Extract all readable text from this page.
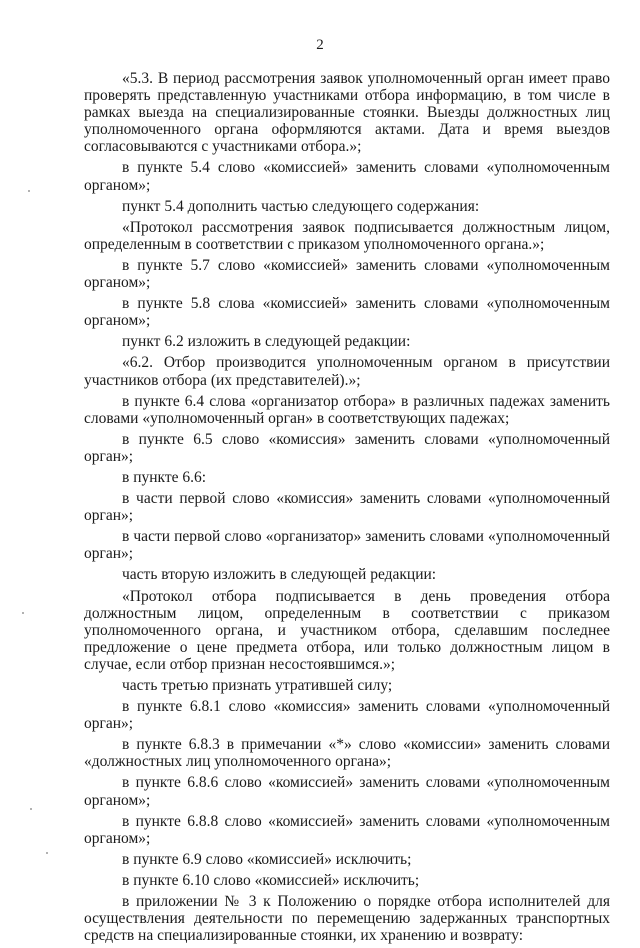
2

«5.3. В период рассмотрения заявок уполномоченный орган имеет право проверять представленную участниками отбора информацию, в том числе в рамках выезда на специализированные стоянки. Выезды должностных лиц уполномоченного органа оформляются актами. Дата и время выездов согласовываются с участниками отбора.»;

в пункте 5.4 слово «комиссией» заменить словами «уполномоченным органом»;

пункт 5.4 дополнить частью следующего содержания:

«Протокол рассмотрения заявок подписывается должностным лицом, определенным в соответствии с приказом уполномоченного органа.»;

в пункте 5.7 слово «комиссией» заменить словами «уполномоченным органом»;

в пункте 5.8 слова «комиссией» заменить словами «уполномоченным органом»;

пункт 6.2 изложить в следующей редакции:

«6.2. Отбор производится уполномоченным органом в присутствии участников отбора (их представителей).»;

в пункте 6.4 слова «организатор отбора» в различных падежах заменить словами «уполномоченный орган» в соответствующих падежах;

в пункте 6.5 слово «комиссия» заменить словами «уполномоченный орган»;

в пункте 6.6:

в части первой слово «комиссия» заменить словами «уполномоченный орган»;

в части первой слово «организатор» заменить словами «уполномоченный орган»;

часть вторую изложить в следующей редакции:

«Протокол отбора подписывается в день проведения отбора должностным лицом, определенным в соответствии с приказом уполномоченного органа, и участником отбора, сделавшим последнее предложение о цене предмета отбора, или только должностным лицом в случае, если отбор признан несостоявшимся.»;

часть третью признать утратившей силу;

в пункте 6.8.1 слово «комиссия» заменить словами «уполномоченный орган»;

в пункте 6.8.3 в примечании «*» слово «комиссии» заменить словами «должностных лиц уполномоченного органа»;

в пункте 6.8.6 слово «комиссией» заменить словами «уполномоченным органом»;

в пункте 6.8.8 слово «комиссией» заменить словами «уполномоченным органом»;

в пункте 6.9 слово «комиссией» исключить;

в пункте 6.10 слово «комиссией» исключить;

в приложении № 3 к Положению о порядке отбора исполнителей для осуществления деятельности по перемещению задержанных транспортных средств на специализированные стоянки, их хранению и возврату:
